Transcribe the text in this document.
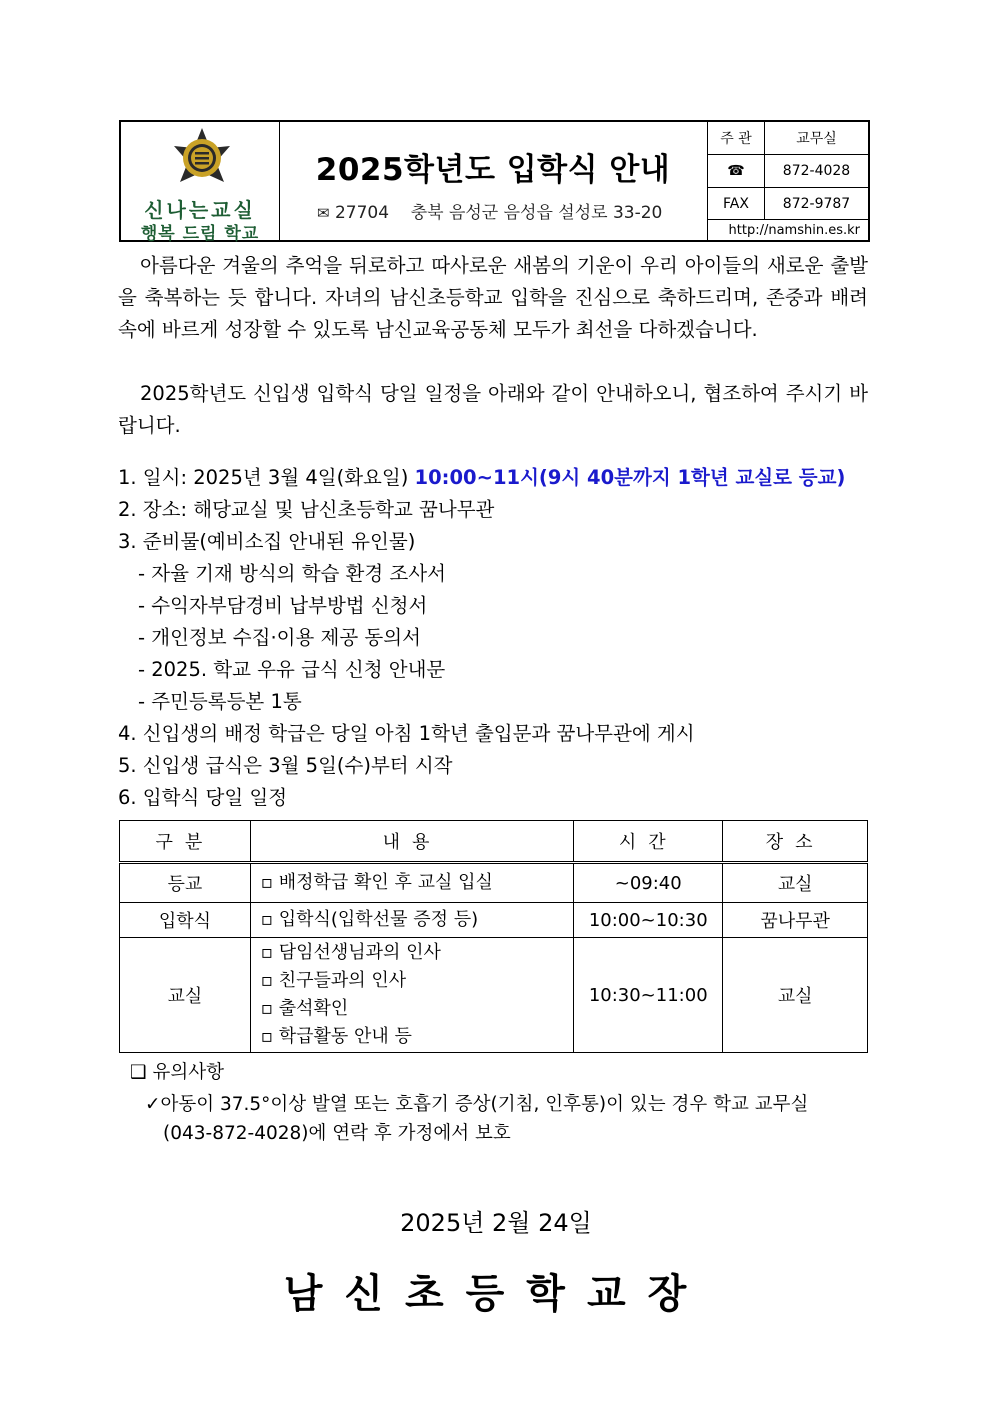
신나는교실
행복 드림 학교
2025학년도 입학식 안내
✉ 27704 충북 음성군 음성읍 설성로 33-20
주 관	교무실
☎	872-4028
FAX	872-9787
http://namshin.es.kr
아름다운 겨울의 추억을 뒤로하고 따사로운 새봄의 기운이 우리 아이들의 새로운 출발을 축복하는 듯 합니다. 자녀의 남신초등학교 입학을 진심으로 축하드리며, 존중과 배려 속에 바르게 성장할 수 있도록 남신교육공동체 모두가 최선을 다하겠습니다.
2025학년도 신입생 입학식 당일 일정을 아래와 같이 안내하오니, 협조하여 주시기 바랍니다.
1. 일시: 2025년 3월 4일(화요일) 10:00~11시(9시 40분까지 1학년 교실로 등교)
2. 장소: 해당교실 및 남신초등학교 꿈나무관
3. 준비물(예비소집 안내된 유인물)
- 자율 기재 방식의 학습 환경 조사서
- 수익자부담경비 납부방법 신청서
- 개인정보 수집·이용 제공 동의서
- 2025. 학교 우유 급식 신청 안내문
- 주민등록등본 1통
4. 신입생의 배정 학급은 당일 아침 1학년 출입문과 꿈나무관에 게시
5. 신입생 급식은 3월 5일(수)부터 시작
6. 입학식 당일 일정
구분	내용	시간	장소
등교	▫ 배정학급 확인 후 교실 입실	~09:40	교실
입학식	▫ 입학식(입학선물 증정 등)	10:00~10:30	꿈나무관
교실	▫ 담임선생님과의 인사
▫ 친구들과의 인사
▫ 출석확인
▫ 학급활동 안내 등	10:30~11:00	교실
❑ 유의사항
✓아동이 37.5°이상 발열 또는 호흡기 증상(기침, 인후통)이 있는 경우 학교 교무실
(043-872-4028)에 연락 후 가정에서 보호
2025년 2월 24일
남신초등학교장
